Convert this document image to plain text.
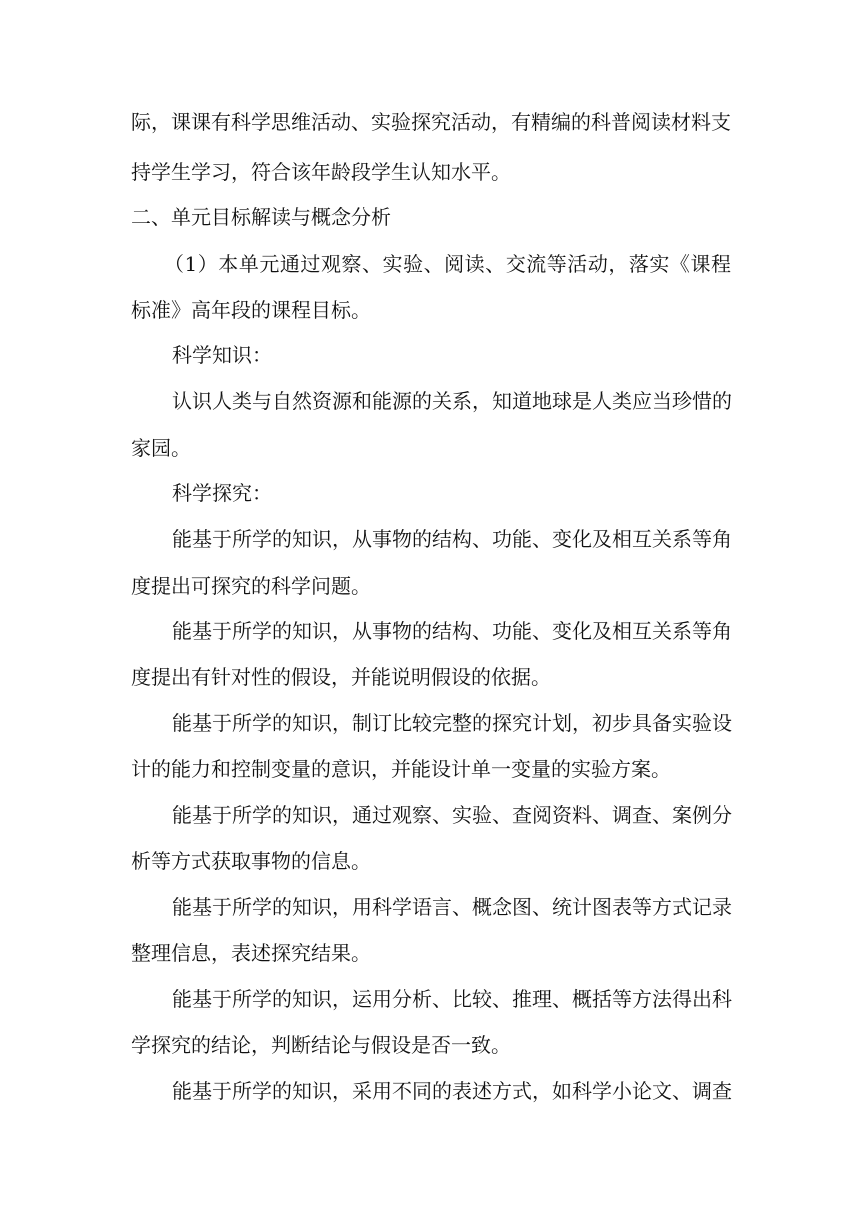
际，课课有科学思维活动、实验探究活动，有精编的科普阅读材料支

持学生学习，符合该年龄段学生认知水平。

二、单元目标解读与概念分析

（1）本单元通过观察、实验、阅读、交流等活动，落实《课程

标准》高年段的课程目标。

科学知识：

认识人类与自然资源和能源的关系，知道地球是人类应当珍惜的

家园。

科学探究：

能基于所学的知识，从事物的结构、功能、变化及相互关系等角

度提出可探究的科学问题。

能基于所学的知识，从事物的结构、功能、变化及相互关系等角

度提出有针对性的假设，并能说明假设的依据。

能基于所学的知识，制订比较完整的探究计划，初步具备实验设

计的能力和控制变量的意识，并能设计单一变量的实验方案。

能基于所学的知识，通过观察、实验、查阅资料、调查、案例分

析等方式获取事物的信息。

能基于所学的知识，用科学语言、概念图、统计图表等方式记录

整理信息，表述探究结果。

能基于所学的知识，运用分析、比较、推理、概括等方法得出科

学探究的结论，判断结论与假设是否一致。

能基于所学的知识，采用不同的表述方式，如科学小论文、调查
